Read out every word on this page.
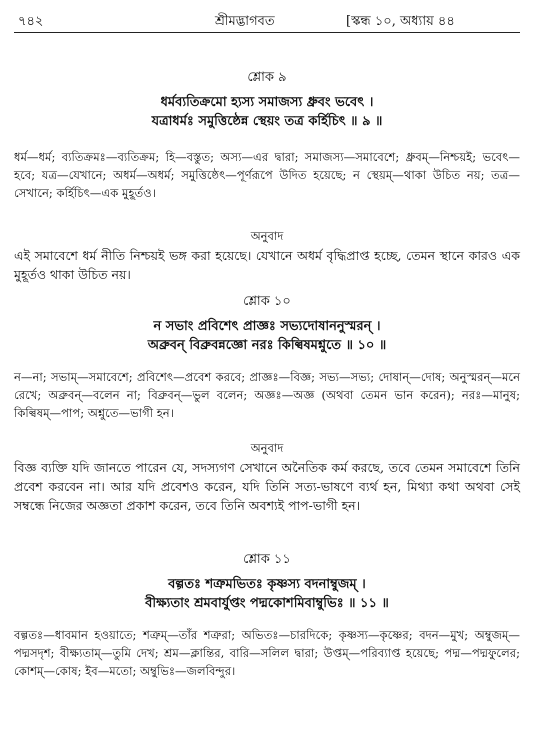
৭৪২	শ্রীমদ্ভাগবত	[স্কন্ধ ১০, অধ্যায় ৪৪

শ্লোক ৯

ধর্মব্যতিক্রমো হ্যস্য সমাজস্য ধ্রুবং ভবেৎ ।

যত্রাধর্মঃ সমুত্তিষ্ঠেন্ন স্থেয়ং তত্র কর্হিচিৎ ॥ ৯ ॥

ধর্ম—ধর্ম; ব্যতিক্রমঃ—ব্যতিক্রম; হি—বস্তুত; অস্য—এর দ্বারা; সমাজস্য—সমাবেশে; ধ্রুবম্—নিশ্চয়ই; ভবেৎ—হবে; যত্র—যেখানে; অধর্ম—অধর্ম; সমুত্তিষ্ঠেৎ—পূর্ণরূপে উদিত হয়েছে; ন স্থেয়ম্—থাকা উচিত নয়; তত্র—সেখানে; কর্হিচিৎ—এক মুহূর্তও।

অনুবাদ

এই সমাবেশে ধর্ম নীতি নিশ্চয়ই ভঙ্গ করা হয়েছে। যেখানে অধর্ম বৃদ্ধিপ্রাপ্ত হচ্ছে, তেমন স্থানে কারও এক মুহূর্তও থাকা উচিত নয়।

শ্লোক ১০

ন সভাং প্রবিশেৎ প্রাজ্ঞঃ সভ্যদোষাননুস্মরন্ ।

অব্রুবন্ বিব্রুবন্নজ্ঞো নরঃ কিল্বিষমশ্নুতে ॥ ১০ ॥

ন—না; সভাম্—সমাবেশে; প্রবিশেৎ—প্রবেশ করবে; প্রাজ্ঞঃ—বিজ্ঞ; সভ্য—সভ্য; দোষান্—দোষ; অনুস্মরন্—মনে রেখে; অব্রুবন্—বলেন না; বিব্রুবন্—ভুল বলেন; অজ্ঞঃ—অজ্ঞ (অথবা তেমন ভান করেন); নরঃ—মানুষ; কিল্বিষম্—পাপ; অশ্নুতে—ভাগী হন।

অনুবাদ

বিজ্ঞ ব্যক্তি যদি জানতে পারেন যে, সদস্যগণ সেখানে অনৈতিক কর্ম করছে, তবে তেমন সমাবেশে তিনি প্রবেশ করবেন না। আর যদি প্রবেশও করেন, যদি তিনি সত্য-ভাষণে ব্যর্থ হন, মিথ্যা কথা অথবা সেই সম্বন্ধে নিজের অজ্ঞতা প্রকাশ করেন, তবে তিনি অবশ্যই পাপ-ভাগী হন।

শ্লোক ১১

বল্গতঃ শত্রুমভিতঃ কৃষ্ণস্য বদনাম্বুজম্ ।

বীক্ষ্যতাং শ্রমবার্যুপ্তং পদ্মকোশমিবাম্বুভিঃ ॥ ১১ ॥

বল্গতঃ—ধাবমান হওয়াতে; শত্রুম্—তাঁর শত্রুরা; অভিতঃ—চারদিকে; কৃষ্ণস্য—কৃষ্ণের; বদন—মুখ; অম্বুজম্—পদ্মসদৃশ; বীক্ষ্যতাম্—তুমি দেখ; শ্রম—ক্লান্তির, বারি—সলিল দ্বারা; উপ্তম্—পরিব্যাপ্ত হয়েছে; পদ্ম—পদ্মফুলের; কোশম্—কোষ; ইব—মতো; অম্বুভিঃ—জলবিন্দুর।
